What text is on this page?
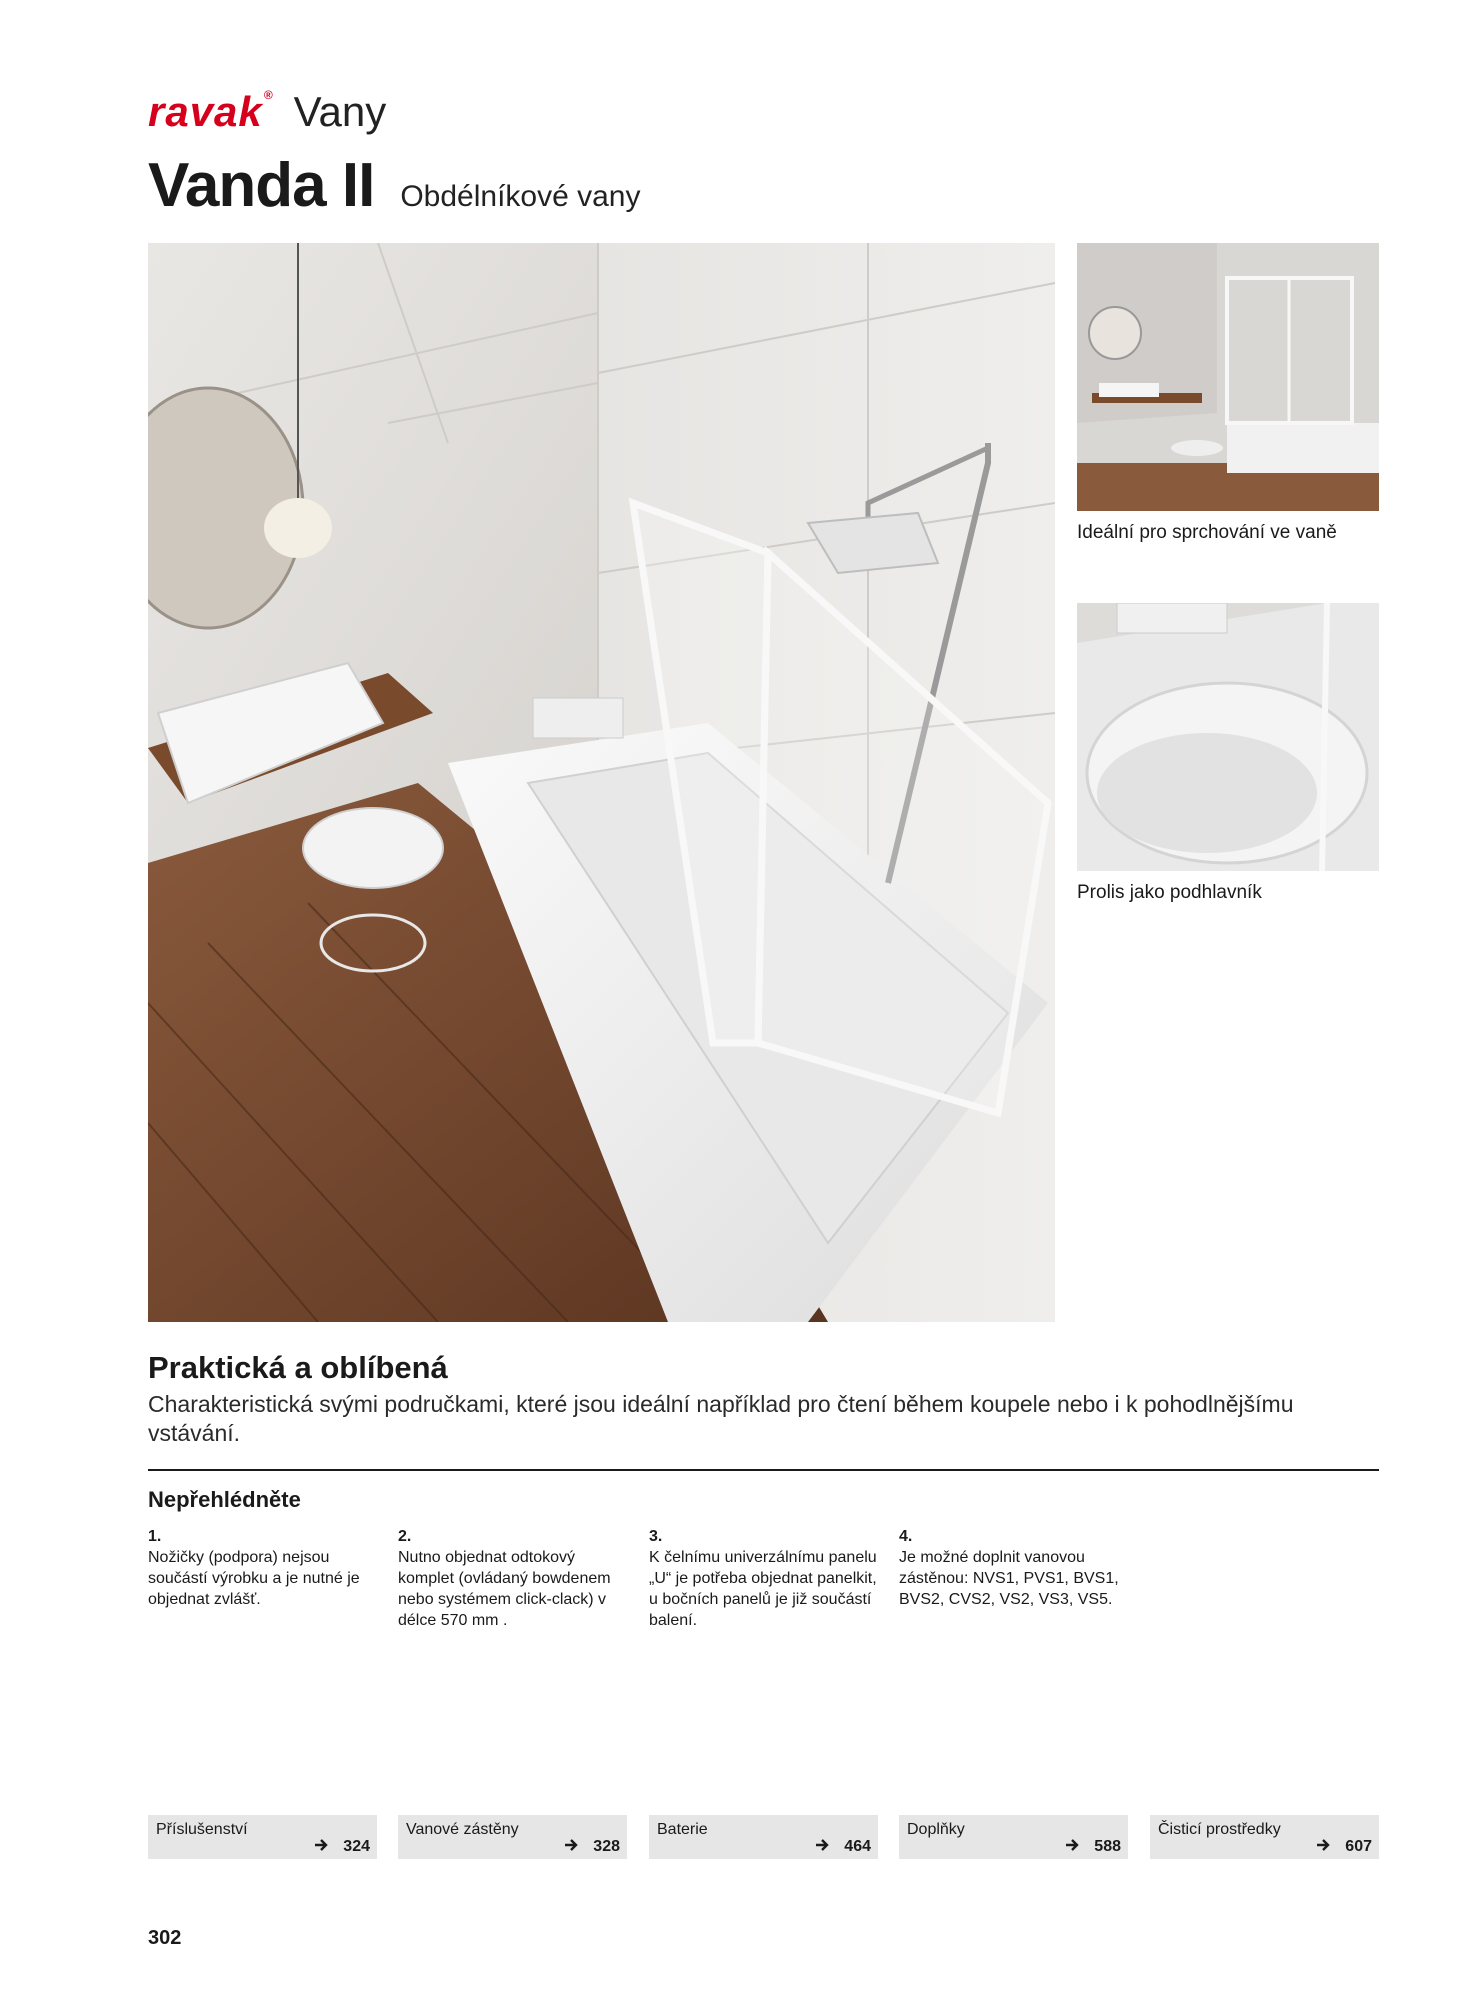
ravak® Vany
Vanda II Obdélníkové vany
Ideální pro sprchování ve vaně
Prolis jako podhlavník
Praktická a oblíbená
Charakteristická svými područkami, které jsou ideální například pro čtení během koupele nebo i k pohodlnějšímu vstávání.
Nepřehlédněte
1.
Nožičky (podpora) nejsou součástí výrobku a je nutné je objednat zvlášť.
2.
Nutno objednat odtokový komplet (ovládaný bowdenem nebo systémem click-clack) v délce 570 mm .
3.
K čelnímu univerzálnímu panelu „U“ je potřeba objednat panelkit, u bočních panelů je již součástí balení.
4.
Je možné doplnit vanovou zástěnou: NVS1, PVS1, BVS1, BVS2, CVS2, VS2, VS3, VS5.
Příslušenství
324
Vanové zástěny
328
Baterie
464
Doplňky
588
Čisticí prostředky
607
302
